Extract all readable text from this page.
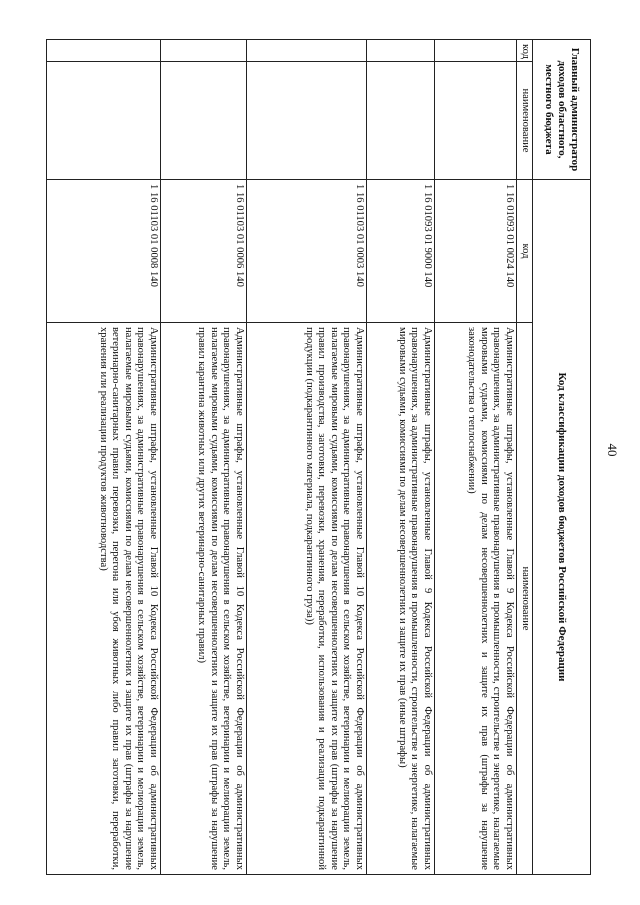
40
Главный администратор доходов областного, местного бюджета		Код классификации доходов бюджетов Российской Федерации	
код	наименование	код	наименование
		1 16 01093 01 0024 140	Административные штрафы, установленные Главой 9 Кодекса Российской Федерации об административных правонарушениях, за административные правонарушения в промышленности, строительстве и энергетике, налагаемые мировыми судьями, комиссиями по делам несовершеннолетних и защите их прав (штрафы за нарушение законодательства о теплоснабжении)
		1 16 01093 01 9000 140	Административные штрафы, установленные Главой 9 Кодекса Российской Федерации об административных правонарушениях, за административные правонарушения в промышленности, строительстве и энергетике, налагаемые мировыми судьями, комиссиями по делам несовершеннолетних и защите их прав (иные штрафы)
		1 16 01103 01 0003 140	Административные штрафы, установленные Главой 10 Кодекса Российской Федерации об административных правонарушениях, за административные правонарушения в сельском хозяйстве, ветеринарии и мелиорации земель, налагаемые мировыми судьями, комиссиями по делам несовершеннолетних и защите их прав (штрафы за нарушение правил производства, заготовки, перевозки, хранения, переработки, использования и реализации подкарантинной продукции (подкарантинного материала, подкарантинного груза))
		1 16 01103 01 0006 140	Административные штрафы, установленные Главой 10 Кодекса Российской Федерации об административных правонарушениях, за административные правонарушения в сельском хозяйстве, ветеринарии и мелиорации земель, налагаемые мировыми судьями, комиссиями по делам несовершеннолетних и защите их прав (штрафы за нарушение правил карантина животных или других ветеринарно-санитарных правил)
		1 16 01103 01 0008 140	Административные штрафы, установленные Главой 10 Кодекса Российской Федерации об административных правонарушениях, за административные правонарушения в сельском хозяйстве, ветеринарии и мелиорации земель, налагаемые мировыми судьями, комиссиями по делам несовершеннолетних и защите их прав (штрафы за нарушение ветеринарно-санитарных правил перевозки, перегона или убоя животных либо правил заготовки, переработки, хранения или реализации продуктов животноводства)
